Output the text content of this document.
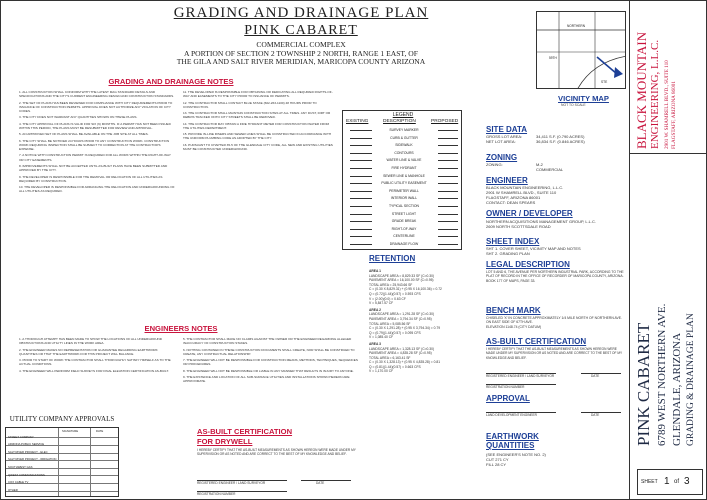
GRADING AND DRAINAGE PLAN
PINK CABARET
COMMERCIAL COMPLEX
A PORTION OF SECTION 2 TOWNSHIP 2 NORTH, RANGE 1 EAST, OF
THE GILA AND SALT RIVER MERIDIAN, MARICOPA COUNTY ARIZONA
GRADING AND DRAINAGE NOTES

1. ALL CONSTRUCTION SHALL CONFORM WITH THE LATEST MAG STANDARD DETAILS AND SPECIFICATIONS AND THE CITY'S CURRENT ENGINEERING DESIGN AND CONSTRUCTION STANDARDS.

2. THE SET OF PLANS HAS BEEN REVIEWED FOR COMPLIANCE WITH CITY REQUIREMENTS PRIOR TO ISSUANCE OF CONSTRUCTION PERMITS. APPROVAL DOES NOT AUTHORIZE ANY VIOLATION OF CITY CODES.

3. THE CITY DOES NOT WARRANT ANY QUANTITIES SHOWN ON THESE PLANS.

4. THE CITY APPROVAL OF PLANS IS VALID FOR SIX (6) MONTHS. IF A PERMIT HAS NOT BEEN ISSUED WITHIN THIS PERIOD, THE PLANS MUST BE RESUBMITTED FOR REVIEW AND APPROVAL.

5. AN APPROVED SET OF PLANS SHALL BE AVAILABLE ON THE JOB SITE AT ALL TIMES.

6. THE CITY SHALL BE NOTIFIED 24 HOURS PRIOR TO ANY CONSTRUCTION WORK. CONSTRUCTION WORK REQUIRING INSPECTION SHALL BE SUBJECT TO CORRECTION AT THE CONTRACTOR'S EXPENSE.

7. A NOTICE WITH CONSTRUCTION PERMIT IS REQUIRED FOR ALL WORK WITHIN THE RIGHT-OF-WAY OR CITY EASEMENTS.

8. IMPROVEMENTS SHALL NOT BE ACCEPTED UNTIL AS-BUILT PLANS HAVE BEEN SUBMITTED AND APPROVED BY THE CITY.

9. THE DEVELOPER IS RESPONSIBLE FOR THE REMOVAL OR RELOCATION OF ALL UTILITIES AS REQUIRED BY CONSTRUCTION.

10. THE DEVELOPER IS RESPONSIBLE FOR ARRANGING THE RELOCATION AND UNDERGROUNDING OF ALL UTILITIES AS REQUIRED.

11. THE DEVELOPER IS RESPONSIBLE FOR OBTAINING OR DEDICATING ALL REQUIRED RIGHTS-OF-WAY AND EASEMENTS TO THE CITY PRIOR TO ISSUANCE OF PERMITS.

12. THE CONTRACTOR SHALL CONTACT BLUE STAKE (602-263-1100) 48 HOURS PRIOR TO CONSTRUCTION.

13. THE CONTRACTOR SHALL MAINTAIN CONSTRUCTION SITES AT ALL TIMES. ANY DUST, DIRT OR DEBRIS TRACKED ONTO CITY STREETS SHALL BE REMOVED.

14. THE CONTRACTOR MAY OBTAIN A FIRE HYDRANT METER FOR CONSTRUCTION WATER FROM THE UTILITIES DEPARTMENT.

15. PROVIDE IN-LINE RISERS AND SEWER LINES SHALL BE CONSTRUCTED IN ACCORDANCE WITH THE UNIFORM PLUMBING CODE AS ADOPTED BY THE CITY.

16. PURSUANT TO CHAPTER 35-5 OF THE GLENDALE CITY CODE, ALL NEW AND EXISTING UTILITIES MUST BE CONSTRUCTED UNDERGROUND.

LEGEND
EXISTING	DESCRIPTION	PROPOSED
SURVEY MARKER
CURB & GUTTER
SIDEWALK
CONTOURS
WATER LINE & VALVE
FIRE HYDRANT
SEWER LINE & MANHOLE
PUBLIC UTILITY EASEMENT
PERIMETER WALL
INTERIOR WALL
TYPICAL SECTION
STREET LIGHT
GRADE BREAK
RIGHT-OF-WAY
CENTERLINE
DRAINAGE FLOW
NORTHERN
59TH
STE
VICINITY MAP
NOT TO SCALE
SITE DATA
GROSS LOT AREA:	34,411 S.F. (0.790 ACRES)
NET LOT AREA:	36,834 S.F. (0.846 ACRES)
ZONING
ZONING:	M-2
COMMERCIAL
ENGINEER
BLACK MOUNTAIN ENGINEERING, L.L.C.
2901 W SHAMRELL BLVD., SUITE 110
FLAGSTAFF, ARIZONA 86001
CONTACT: DEAN SPEARS
OWNER / DEVELOPER
NORTHERN ACQUISITIONS MANAGEMENT GROUP, L.L.C.
2609 NORTH SCOTTSDALE ROAD
SHEET INDEX
SHT 1. COVER SHEET, VICINITY MAP AND NOTES
SHT 2. GRADING PLAN
LEGAL DESCRIPTION
LOT 5 AND 6, THE AVENUE PER NORTHERN INDUSTRIAL PARK, ACCORDING TO THE PLAT OF RECORD IN THE OFFICE OF RECORDER OF MARICOPA COUNTY, ARIZONA. BOOK 177 OF MAPS, PAGE 33.
BENCH MARK
CHISELED 'X' IN CONCRETE APPROXIMATELY 1/4 MILE NORTH OF NORTHERN AVE. ON EAST SIDE OF 67TH AVE.
ELEVATION 1148.74 (CITY DATUM)
AS-BUILT CERTIFICATION
I HEREBY CERTIFY THAT THE AS-BUILT MEASUREMENTS AS SHOWN HEREON WERE MADE UNDER MY SUPERVISION OR AS NOTED AND ARE CORRECT TO THE BEST OF MY KNOWLEDGE AND BELIEF.
REGISTERED ENGINEER / LAND SURVEYOR	DATE
REGISTRATION NUMBER
APPROVAL
LAND DEVELOPMENT ENGINEER	DATE
EARTHWORK
QUANTITIES
(SEE ENGINEER'S NOTE NO. 2)
CUT 271 CY
FILL 28 CY
RETENTION
AREA 1
LANDSCAPE AREA = 8,829.33 SF (C=0.30)
PAVEMENT AREA = 16,100.00 SF (C=0.95)
TOTAL AREA = 25,943.66 SF
C = (0.30 X 8,829.31) + (0.95 X 16,100.36) = 0.72
Q = (0.72)(1.44)(0.57) = 0.593 CFS
V = (2.00)(0.0) = 0.63 CF
V = 5,847.57 CF
AREA 2
LANDSCAPE AREA = 1,291.28 SF (C=0.30)
PAVEMENT AREA = 3,794.34 SF (C=0.95)
TOTAL AREA = 5,085.56 SF
C = (0.30 X 1,291.28) + (0.95 X 3,794.34) = 0.79
Q = (0.79)(1.44)(0.57) = 0.095 CFS
V = 1,085.40 CF
AREA 3
LANDSCAPE AREA = 1,328.13 SF (C=0.30)
PAVEMENT AREA = 4,835.28 SF (C=0.95)
TOTAL AREA = 6,163.41 SF
C = (0.30 X 1,328.13) + (0.95 X 4,835.28) = 0.81
Q = (0.81)(1.44)(0.57) = 0.663 CFS
V = 1,170.00 CF
ENGINEERS NOTES

1. A THOROUGH ATTEMPT HAS BEEN MADE TO SHOW THE LOCATIONS OF ALL UNDERGROUND OBSTRUCTIONS AND UTILITY LINES IN THE WORK AREA.

2. THE ENGINEER MAKES NO REPRESENTATION OR GUARANTEE REGARDING EARTHWORK QUANTITIES OR THAT THE EARTHWORK FOR THIS PROJECT WILL BALANCE.

3. PRIOR TO START OF WORK THE CONTRACTOR SHALL THOROUGHLY SATISFY HIMSELF AS TO THE ACTUAL CONDITIONS.

4. THE ENGINEER WILL PERFORM FIELD SURVEYS FOR FINAL ELEVATION CERTIFICATION AS-BUILT.

5. THE CONTRACTOR SHALL MAKE NO CLAIMS AGAINST THE OWNER OR THE ENGINEER REGARDING ALLEGED INACCURACY OF CONSTRUCTION STAKES.

6. NOTHING CONTAINED IN THESE CONSTRUCTION DOCUMENTS SHALL CREATE, NOR SHALL BE CONSTRUED TO CREATE, ANY CONTRACTUAL RELATIONSHIP.

7. THE ENGINEER WILL NOT BE RESPONSIBLE FOR CONSTRUCTION MEANS, METHODS, TECHNIQUES, SEQUENCES OR PROCEDURES.

8. THE ENGINEER WILL NOT BE RESPONSIBLE OR LIABLE IN ANY MANNER THAT RESULTS IN INJURY TO ANYONE.

9. THE EXISTENCE AND LOCATION OF ALL SUB-SURFACE UTILITIES AND INSTALLATIONS SHOWN HEREON ARE APPROXIMATE.

AS-BUILT CERTIFICATION
FOR DRYWELL
I HEREBY CERTIFY THAT THE AS-BUILT MEASUREMENTS AS SHOWN HEREON WERE MADE UNDER MY SUPERVISION OR AS NOTED AND ARE CORRECT TO THE BEST OF MY KNOWLEDGE AND BELIEF.
REGISTERED ENGINEER / LAND SURVEYOR	DATE
REGISTRATION NUMBER
UTILITY COMPANY APPROVALS
SIGNATURE	DATE
STREET COMPANY
ARIZONA PUBLIC SERVICE
SALT RIVER PROJECT - ELEC
SALT RIVER PROJECT - IRRIGATION
SOUTHWEST GAS
QWEST COMMUNICATIONS
COX CABLE TV
OTHER
BLACK MOUNTAIN ENGINEERING, L.L.C. 2901 W. SHAMRELL BLVD., SUITE 110 FLAGSTAFF, ARIZONA 86001
PINK CABARET 6789 WEST NORTHERN AVE. GLENDALE, ARIZONA GRADING & DRAINAGE PLAN
SHEET 1 of 3
